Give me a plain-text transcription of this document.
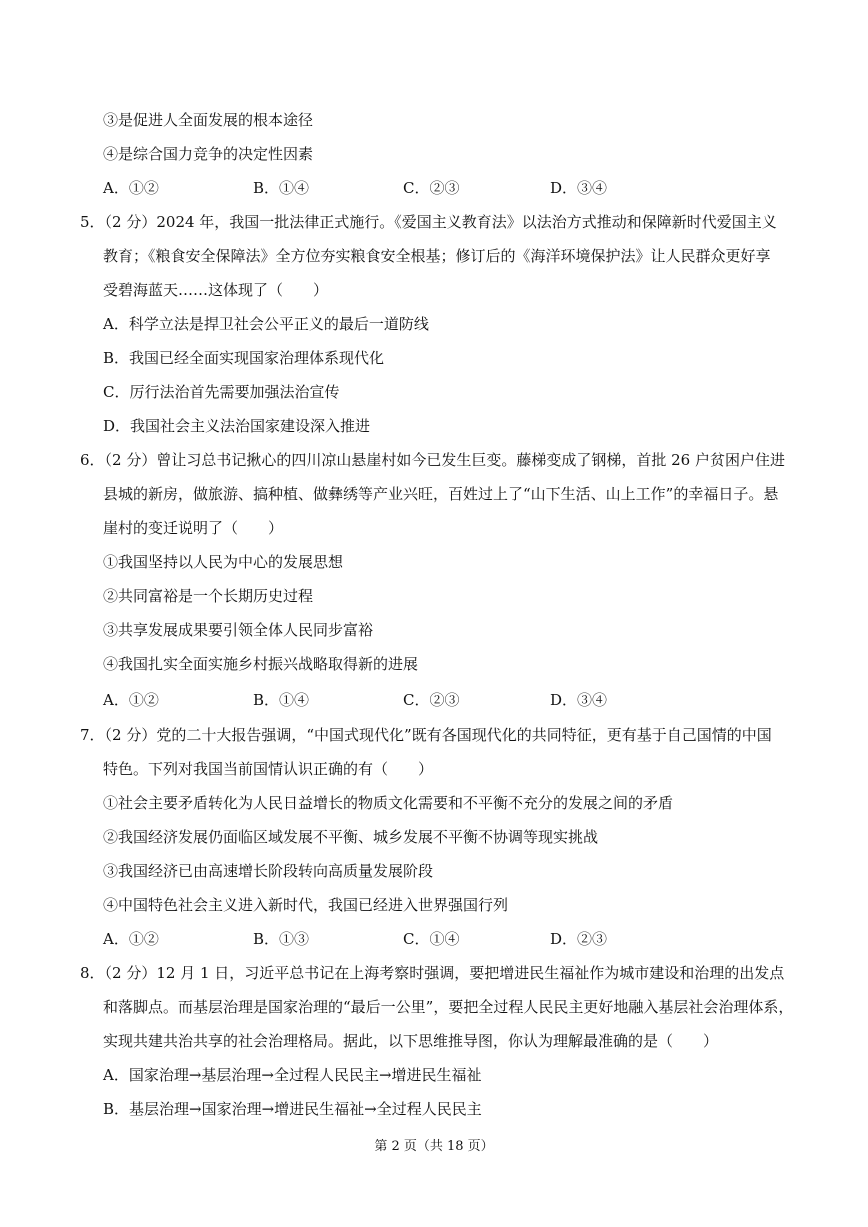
③是促进人全面发展的根本途径
④是综合国力竞争的决定性因素
A．①②	B．①④	C．②③	D．③④
5．（2 分）2024 年，我国一批法律正式施行。《爱国主义教育法》以法治方式推动和保障新时代爱国主义
教育；《粮食安全保障法》全方位夯实粮食安全根基；修订后的《海洋环境保护法》让人民群众更好享
受碧海蓝天……这体现了（　　）
A．科学立法是捍卫社会公平正义的最后一道防线
B．我国已经全面实现国家治理体系现代化
C．厉行法治首先需要加强法治宣传
D．我国社会主义法治国家建设深入推进
6．（2 分）曾让习总书记揪心的四川凉山悬崖村如今已发生巨变。藤梯变成了钢梯，首批 26 户贫困户住进
县城的新房，做旅游、搞种植、做彝绣等产业兴旺，百姓过上了“山下生活、山上工作”的幸福日子。悬
崖村的变迁说明了（　　）
①我国坚持以人民为中心的发展思想
②共同富裕是一个长期历史过程
③共享发展成果要引领全体人民同步富裕
④我国扎实全面实施乡村振兴战略取得新的进展
A．①②	B．①④	C．②③	D．③④
7．（2 分）党的二十大报告强调，“中国式现代化”既有各国现代化的共同特征，更有基于自己国情的中国
特色。下列对我国当前国情认识正确的有（　　）
①社会主要矛盾转化为人民日益增长的物质文化需要和不平衡不充分的发展之间的矛盾
②我国经济发展仍面临区域发展不平衡、城乡发展不平衡不协调等现实挑战
③我国经济已由高速增长阶段转向高质量发展阶段
④中国特色社会主义进入新时代，我国已经进入世界强国行列
A．①②	B．①③	C．①④	D．②③
8．（2 分）12 月 1 日，习近平总书记在上海考察时强调，要把增进民生福祉作为城市建设和治理的出发点
和落脚点。而基层治理是国家治理的“最后一公里”，要把全过程人民民主更好地融入基层社会治理体系，
实现共建共治共享的社会治理格局。据此，以下思维推导图，你认为理解最准确的是（　　）
A．国家治理→基层治理→全过程人民民主→增进民生福祉
B．基层治理→国家治理→增进民生福祉→全过程人民民主
第 2 页（共 18 页）
